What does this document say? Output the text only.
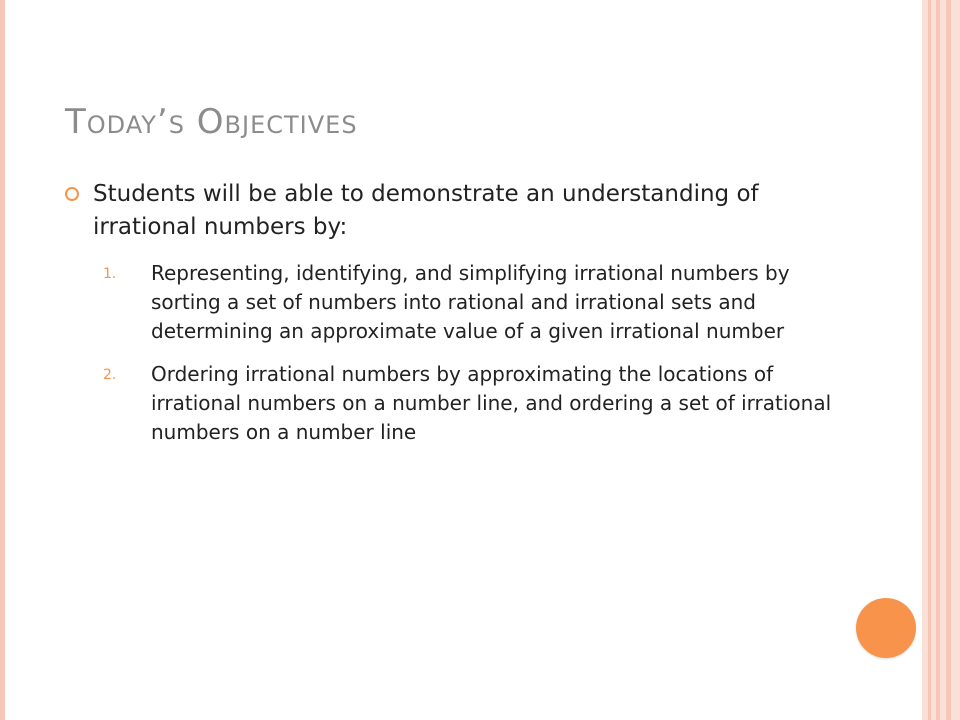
Today’s Objectives
Students will be able to demonstrate an understanding of irrational numbers by:
1. Representing, identifying, and simplifying irrational numbers by sorting a set of numbers into rational and irrational sets and determining an approximate value of a given irrational number
2. Ordering irrational numbers by approximating the locations of irrational numbers on a number line, and ordering a set of irrational numbers on a number line
